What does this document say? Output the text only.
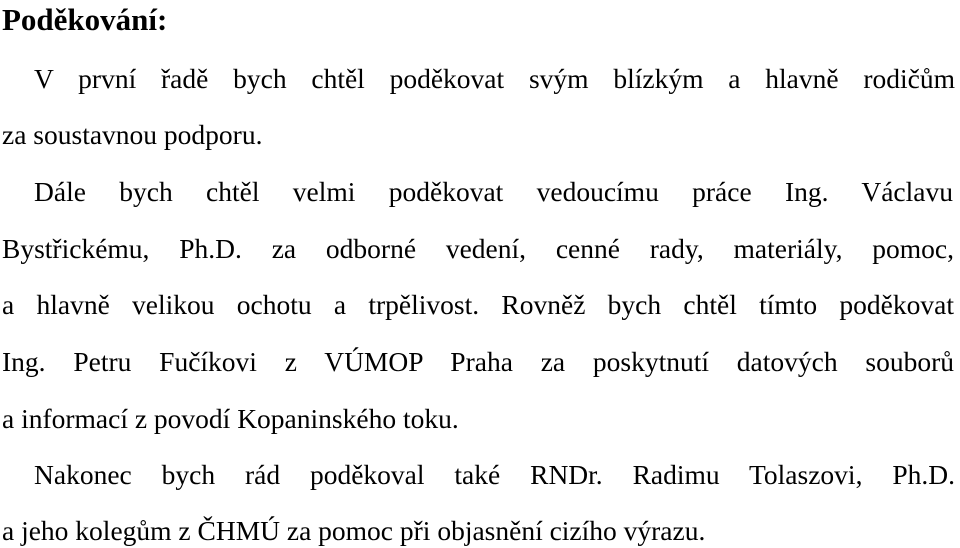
Poděkování:
V první řadě bych chtěl poděkovat svým blízkým a hlavně rodičům
za soustavnou podporu.
Dále bych chtěl velmi poděkovat vedoucímu práce Ing. Václavu
Bystřickému, Ph.D. za odborné vedení, cenné rady, materiály, pomoc,
a hlavně velikou ochotu a trpělivost. Rovněž bych chtěl tímto poděkovat
Ing. Petru Fučíkovi z VÚMOP Praha za poskytnutí datových souborů
a informací z povodí Kopaninského toku.
Nakonec bych rád poděkoval také RNDr. Radimu Tolaszovi, Ph.D.
a jeho kolegům z ČHMÚ za pomoc při objasnění cizího výrazu.
